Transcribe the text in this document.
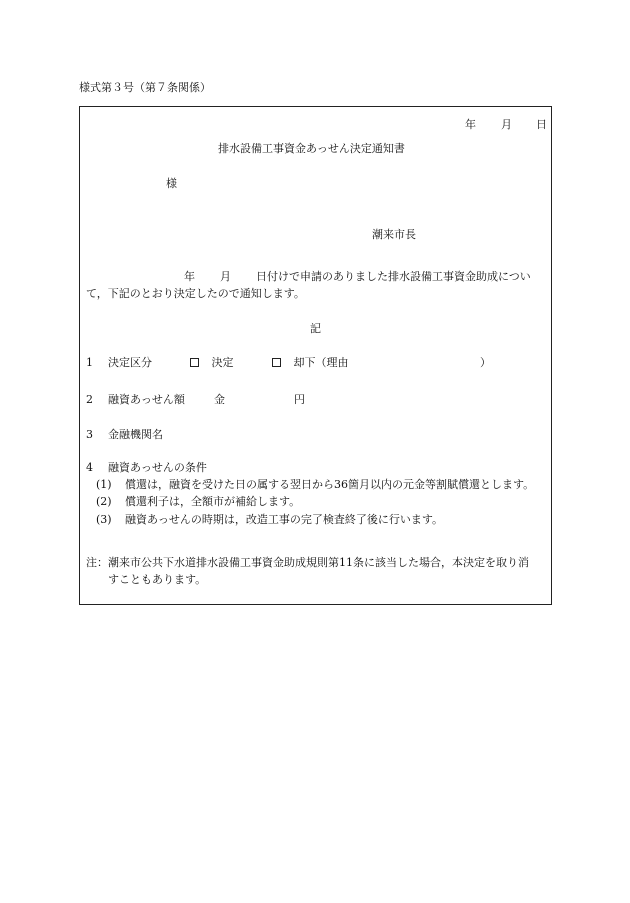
様式第３号（第７条関係）
年 月 日
排水設備工事資金あっせん決定通知書
様
潮来市長
年 月 日付けで申請のありました排水設備工事資金助成につい
て，下記のとおり決定したので通知します。
記
1 決定区分	決定	却下（理由	）
2 融資あっせん額	金	円
3 金融機関名
4 融資あっせんの条件
(1) 償還は，融資を受けた日の属する翌日から36箇月以内の元金等割賦償還とします。
(2) 償還利子は，全額市が補給します。
(3) 融資あっせんの時期は，改造工事の完了検査終了後に行います。
注：潮来市公共下水道排水設備工事資金助成規則第11条に該当した場合，本決定を取り消
すこともあります。
